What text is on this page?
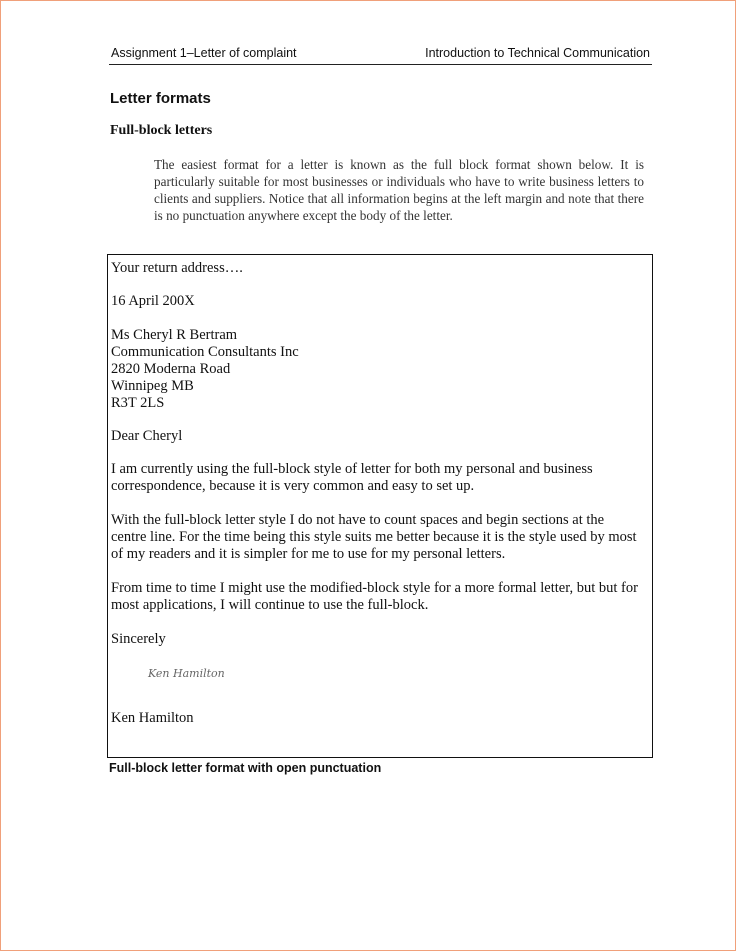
Assignment 1–Letter of complaint	Introduction to Technical Communication
Letter formats
Full-block letters

The easiest format for a letter is known as the full block format shown below. It is particularly suitable for most businesses or individuals who have to write business letters to clients and suppliers. Notice that all information begins at the left margin and note that there is no punctuation anywhere except the body of the letter.

Your return address….
16 April 200X
Ms Cheryl R Bertram
Communication Consultants Inc
2820 Moderna Road
Winnipeg MB
R3T 2LS
Dear Cheryl

I am currently using the full-block style of letter for both my personal and business correspondence, because it is very common and easy to set up.

With the full-block letter style I do not have to count spaces and begin sections at the centre line. For the time being this style suits me better because it is the style used by most of my readers and it is simpler for me to use for my personal letters.

From time to time I might use the modified-block style for a more formal letter, but but for most applications, I will continue to use the full-block.

Sincerely
Ken Hamilton
Ken Hamilton
Full-block letter format with open punctuation
